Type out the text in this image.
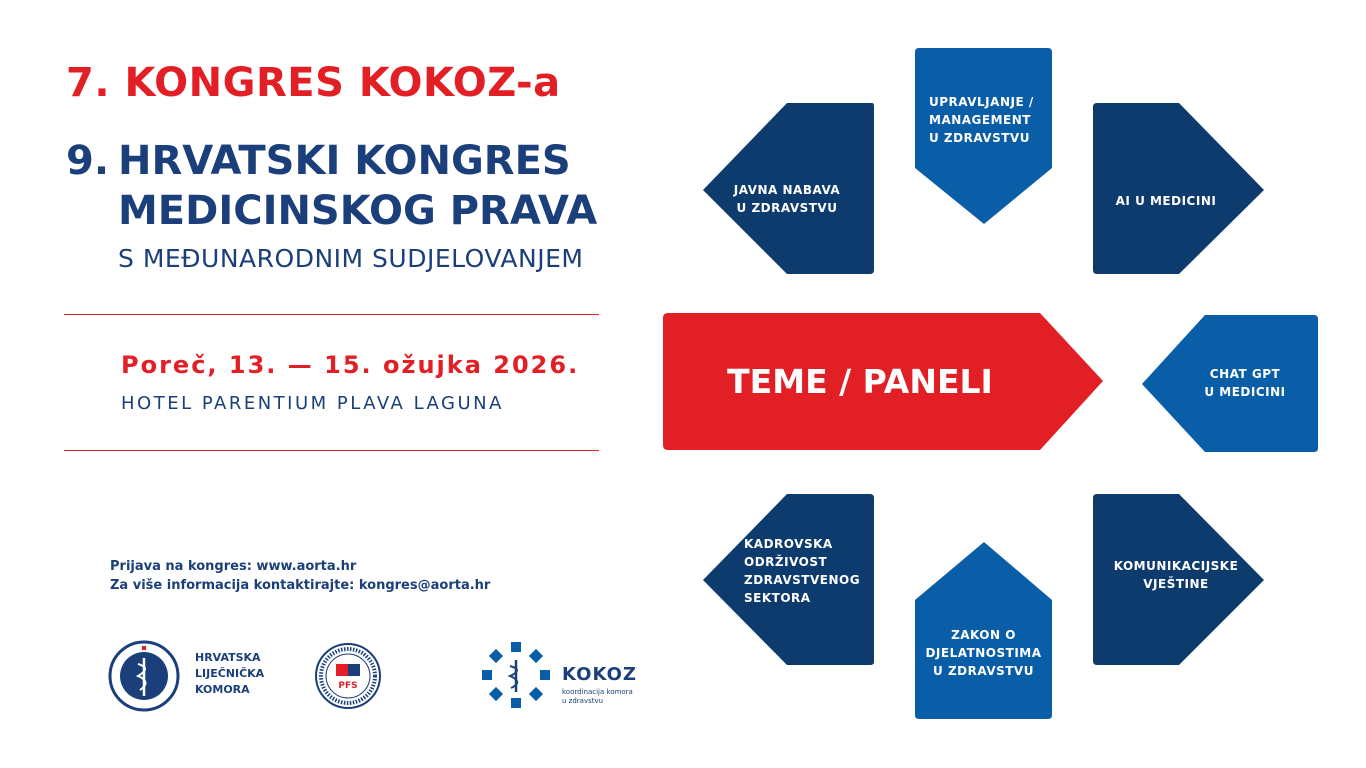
7. KONGRES KOKOZ-a
9. HRVATSKI KONGRES
MEDICINSKOG PRAVA
S MEĐUNARODNIM SUDJELOVANJEM
Poreč, 13. — 15. ožujka 2026.
HOTEL PARENTIUM PLAVA LAGUNA
Prijava na kongres: www.aorta.hr
Za više informacija kontaktirajte: kongres@aorta.hr
JAVNA NABAVA
U ZDRAVSTVU
UPRAVLJANJE /
MANAGEMENT
U ZDRAVSTVU
AI U MEDICINI
TEME / PANELI	CHAT GPT
U MEDICINI
KADROVSKA
ODRŽIVOST
ZDRAVSTVENOG
SEKTORA
ZAKON O
DJELATNOSTIMA
U ZDRAVSTVU
KOMUNIKACIJSKE
VJEŠTINE
HRVATSKA
LIJEČNIČKA
KOMORA	PFS
KOKOZ
koordinacija komora
u zdravstvu
